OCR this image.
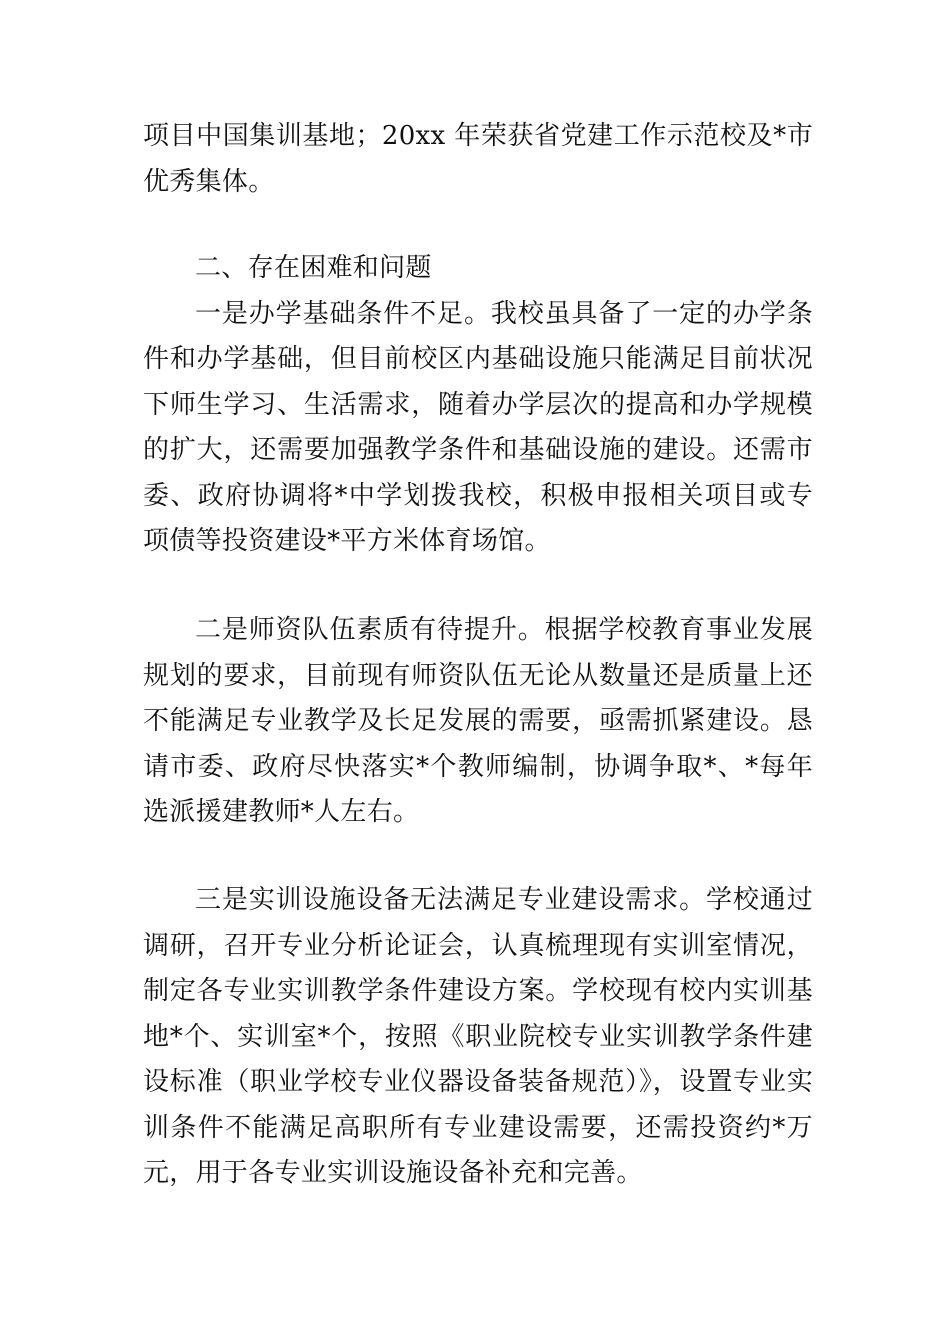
项目中国集训基地；20xx 年荣获省党建工作示范校及*市优秀集体。

二、存在困难和问题

一是办学基础条件不足。我校虽具备了一定的办学条件和办学基础，但目前校区内基础设施只能满足目前状况下师生学习、生活需求，随着办学层次的提高和办学规模的扩大，还需要加强教学条件和基础设施的建设。还需市委、政府协调将*中学划拨我校，积极申报相关项目或专项债等投资建设*平方米体育场馆。

二是师资队伍素质有待提升。根据学校教育事业发展规划的要求，目前现有师资队伍无论从数量还是质量上还不能满足专业教学及长足发展的需要，亟需抓紧建设。恳请市委、政府尽快落实*个教师编制，协调争取*、*每年选派援建教师*人左右。

三是实训设施设备无法满足专业建设需求。学校通过调研，召开专业分析论证会，认真梳理现有实训室情况，制定各专业实训教学条件建设方案。学校现有校内实训基地*个、实训室*个，按照《职业院校专业实训教学条件建设标准（职业学校专业仪器设备装备规范）》，设置专业实训条件不能满足高职所有专业建设需要，还需投资约*万元，用于各专业实训设施设备补充和完善。
